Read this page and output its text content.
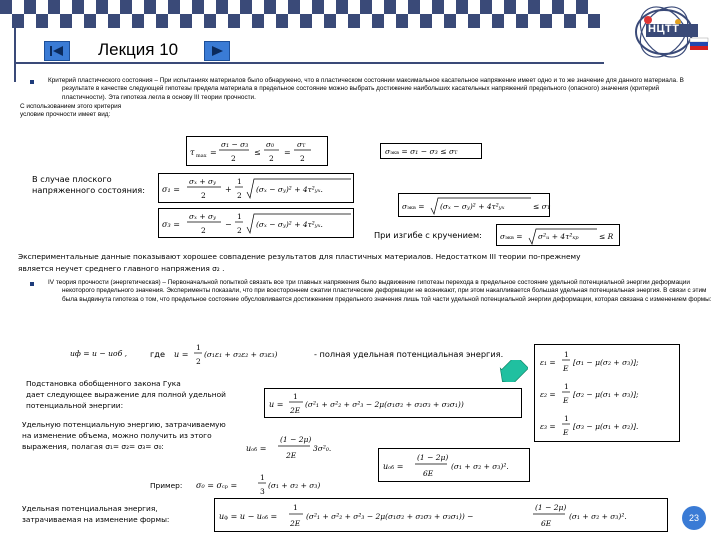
Лекция 10
НЦТТ
Критерий пластического состояния – При испытаниях материалов было обнаружено, что в пластическом состоянии максимальное касательное напряжение имеет одно и то же значение для данного материала. В результате в качестве следующей гипотезы предела материала в предельное состояние можно выбрать достижение наибольших касательных напряжений предельного (опасного) значения (критерий пластичности). Эта гипотеза легла в основу III теории прочности.
С использованием этого критерия
условие прочности имеет вид:
τ max =
σ₁ − σ₃
2
≤
σ₀
2
=
σT
2
σэкв = σ₁ − σ₃ ≤ σT
В случае плоского
напряженного состояния: σ₁ =
σx + σy
2
+
1
2
(σx − σy)² + 4τ²yx.
σ₃ =
σx + σy
2
−
1
2
(σx − σy)² + 4τ²yx.
σэкв = (σx − σy)² + 4τ²yx	≤ σT
При изгибе с кручением: σэкв = σ²и + 4τ²кр	≤ R
Экспериментальные данные показывают хорошее совпадение результатов для пластичных материалов. Недостатком III теории по-прежнему
является неучет среднего главного напряжения σ₂ .
IV теория прочности (энергетическая) – Первоначальной попыткой связать все три главных напряжения было выдвижение гипотезы перехода в предельное состояние удельной потенциальной энергии деформации некоторого предельного значения. Эксперименты показали, что при всестороннем сжатии пластические деформации не возникают, при этом накапливается большая удельная потенциальная энергия. В связи с этим была выдвинута гипотеза о том, что предельное состояние обусловливается достижением предельного значения лишь той части удельной потенциальной энергии деформации, которая связана с изменением формы:
uф = u − uоб ,	где u =
1
2
(σ₁ε₁ + σ₂ε₂ + σ₃ε₃)	- полная удельная потенциальная энергия.
ε₁ =
1
E
[σ₁ − μ(σ₂ + σ₃)];
ε₂ =
1
E
[σ₂ − μ(σ₁ + σ₃)];
ε₃ =
1
E
[σ₃ − μ(σ₁ + σ₂)].
Подстановка обобщенного закона Гука
дает следующее выражение для полной удельной
потенциальной энергии:	u =
1
2E
(σ²₁ + σ²₂ + σ²₃ − 2μ(σ₁σ₂ + σ₂σ₃ + σ₃σ₁))
Удельную потенциальную энергию, затрачиваемую
на изменение объема, можно получить из этого
выражения, полагая σ₁= σ₂= σ₃= σ₀:	uоб =
(1 − 2μ)
2E
3σ²₀.
uоб =
(1 − 2μ)
6E
(σ₁ + σ₂ + σ₃)².
Пример: σ₀ = σср =
1
3
(σ₁ + σ₂ + σ₃)
Удельная потенциальная энергия,
затрачиваемая на изменение формы:	uф = u − uоб =
1
2E
(σ²₁ + σ²₂ + σ²₃ − 2μ(σ₁σ₂ + σ₂σ₃ + σ₃σ₁)) −
(1 − 2μ)
6E
(σ₁ + σ₂ + σ₃)².	23
